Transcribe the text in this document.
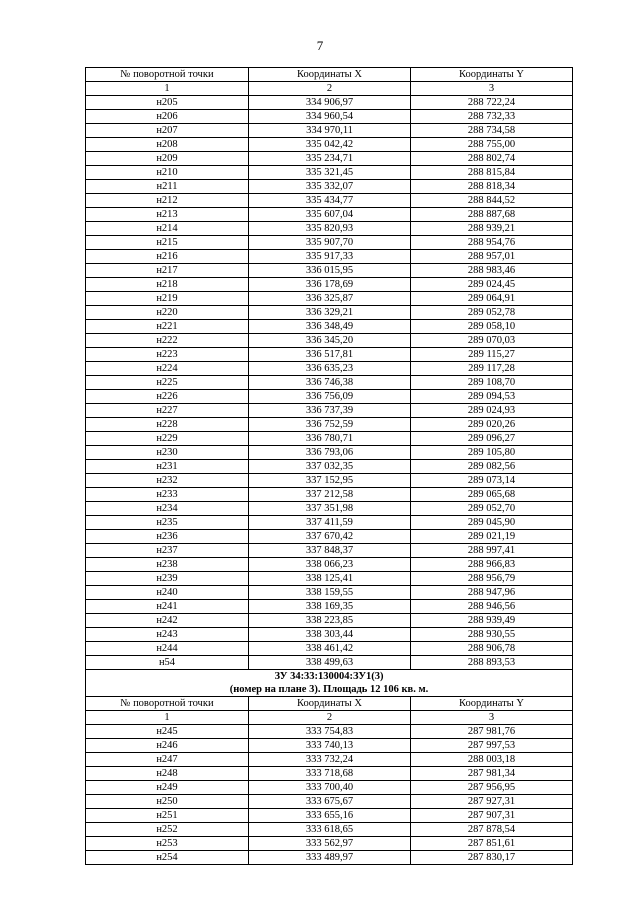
7
№ поворотной точки	Координаты X	Координаты Y
1	2	3
н205	334 906,97	288 722,24
н206	334 960,54	288 732,33
н207	334 970,11	288 734,58
н208	335 042,42	288 755,00
н209	335 234,71	288 802,74
н210	335 321,45	288 815,84
н211	335 332,07	288 818,34
н212	335 434,77	288 844,52
н213	335 607,04	288 887,68
н214	335 820,93	288 939,21
н215	335 907,70	288 954,76
н216	335 917,33	288 957,01
н217	336 015,95	288 983,46
н218	336 178,69	289 024,45
н219	336 325,87	289 064,91
н220	336 329,21	289 052,78
н221	336 348,49	289 058,10
н222	336 345,20	289 070,03
н223	336 517,81	289 115,27
н224	336 635,23	289 117,28
н225	336 746,38	289 108,70
н226	336 756,09	289 094,53
н227	336 737,39	289 024,93
н228	336 752,59	289 020,26
н229	336 780,71	289 096,27
н230	336 793,06	289 105,80
н231	337 032,35	289 082,56
н232	337 152,95	289 073,14
н233	337 212,58	289 065,68
н234	337 351,98	289 052,70
н235	337 411,59	289 045,90
н236	337 670,42	289 021,19
н237	337 848,37	288 997,41
н238	338 066,23	288 966,83
н239	338 125,41	288 956,79
н240	338 159,55	288 947,96
н241	338 169,35	288 946,56
н242	338 223,85	288 939,49
н243	338 303,44	288 930,55
н244	338 461,42	288 906,78
н54	338 499,63	288 893,53

ЗУ 34:33:130004:ЗУ1(3)
(номер на плане 3). Площадь 12 106 кв. м.		

№ поворотной точки	Координаты X	Координаты Y
1	2	3
н245	333 754,83	287 981,76
н246	333 740,13	287 997,53
н247	333 732,24	288 003,18
н248	333 718,68	287 981,34
н249	333 700,40	287 956,95
н250	333 675,67	287 927,31
н251	333 655,16	287 907,31
н252	333 618,65	287 878,54
н253	333 562,97	287 851,61
н254	333 489,97	287 830,17
